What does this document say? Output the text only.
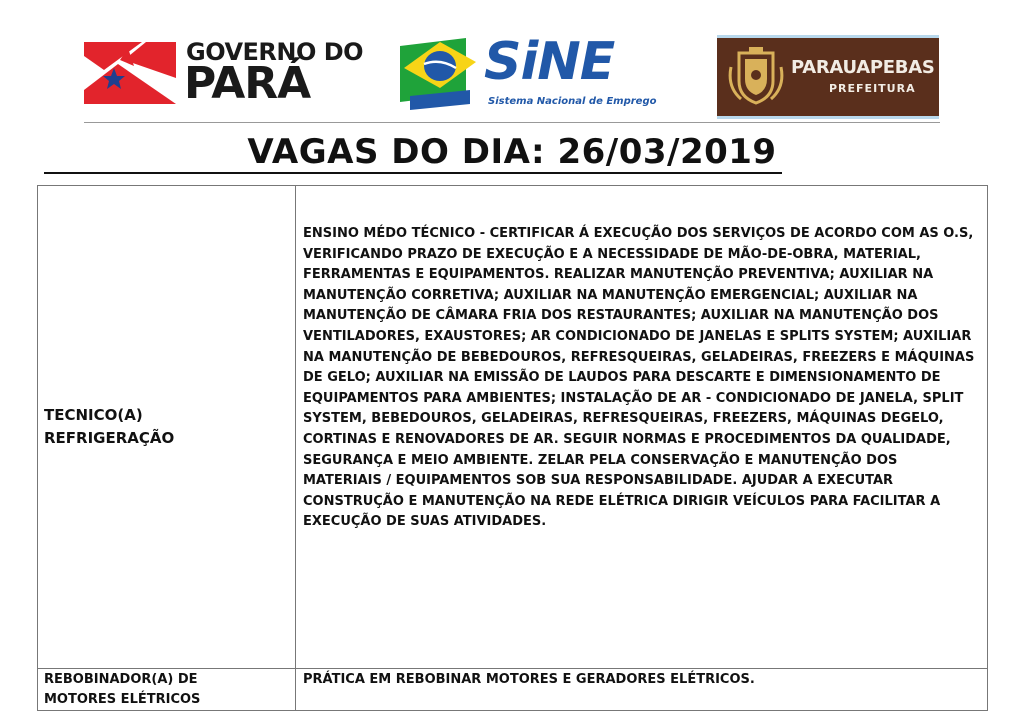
GOVERNO DO
PARÁ	SiNE
Sistema Nacional de Emprego
PARAUAPEBAS
PREFEITURA
VAGAS DO DIA: 26/03/2019
TECNICO(A)
REFRIGERAÇÃO	ENSINO MÉDO TÉCNICO - CERTIFICAR Á EXECUÇÃO DOS SERVIÇOS DE ACORDO COM AS O.S, VERIFICANDO PRAZO DE EXECUÇÃO E A NECESSIDADE DE MÃO-DE-OBRA, MATERIAL, FERRAMENTAS E EQUIPAMENTOS. REALIZAR MANUTENÇÃO PREVENTIVA; AUXILIAR NA MANUTENÇÃO CORRETIVA; AUXILIAR NA MANUTENÇÃO EMERGENCIAL; AUXILIAR NA MANUTENÇÃO DE CÂMARA FRIA DOS RESTAURANTES; AUXILIAR NA MANUTENÇÃO DOS VENTILADORES, EXAUSTORES; AR CONDICIONADO DE JANELAS E SPLITS SYSTEM; AUXILIAR NA MANUTENÇÃO DE BEBEDOUROS, REFRESQUEIRAS, GELADEIRAS, FREEZERS E MÁQUINAS DE GELO; AUXILIAR NA EMISSÃO DE LAUDOS PARA DESCARTE E DIMENSIONAMENTO DE EQUIPAMENTOS PARA AMBIENTES; INSTALAÇÃO DE AR - CONDICIONADO DE JANELA, SPLIT SYSTEM, BEBEDOUROS, GELADEIRAS, REFRESQUEIRAS, FREEZERS, MÁQUINAS DEGELO, CORTINAS E RENOVADORES DE AR. SEGUIR NORMAS E PROCEDIMENTOS DA QUALIDADE, SEGURANÇA E MEIO AMBIENTE. ZELAR PELA CONSERVAÇÃO E MANUTENÇÃO DOS MATERIAIS / EQUIPAMENTOS SOB SUA RESPONSABILIDADE. AJUDAR A EXECUTAR CONSTRUÇÃO E MANUTENÇÃO NA REDE ELÉTRICA DIRIGIR VEÍCULOS PARA FACILITAR A EXECUÇÃO DE SUAS ATIVIDADES.

REBOBINADOR(A) DE
MOTORES ELÉTRICOS	PRÁTICA EM REBOBINAR MOTORES E GERADORES ELÉTRICOS.
